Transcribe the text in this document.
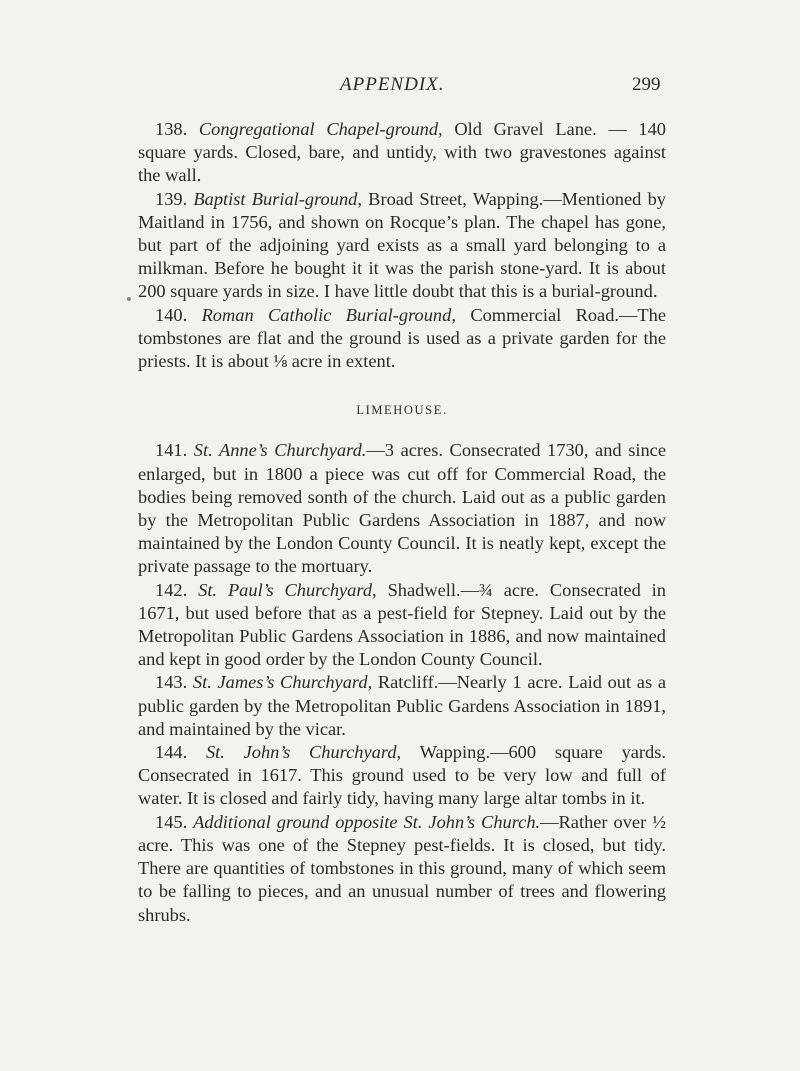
APPENDIX.	299

138. Congregational Chapel-ground, Old Gravel Lane. — 140 square yards. Closed, bare, and untidy, with two gravestones against the wall.

139. Baptist Burial-ground, Broad Street, Wapping.—Mentioned by Maitland in 1756, and shown on Rocque’s plan. The chapel has gone, but part of the adjoining yard exists as a small yard belonging to a milkman. Before he bought it it was the parish stone-yard. It is about 200 square yards in size. I have little doubt that this is a burial-ground.

140. Roman Catholic Burial-ground, Commercial Road.—The tombstones are flat and the ground is used as a private garden for the priests. It is about ⅛ acre in extent.

LIMEHOUSE.

141. St. Anne’s Churchyard.—3 acres. Consecrated 1730, and since enlarged, but in 1800 a piece was cut off for Commercial Road, the bodies being removed sonth of the church. Laid out as a public garden by the Metropolitan Public Gardens Association in 1887, and now maintained by the London County Council. It is neatly kept, except the private passage to the mortuary.

142. St. Paul’s Churchyard, Shadwell.—¾ acre. Consecrated in 1671, but used before that as a pest-field for Stepney. Laid out by the Metropolitan Public Gardens Association in 1886, and now maintained and kept in good order by the London County Council.

143. St. James’s Churchyard, Ratcliff.—Nearly 1 acre. Laid out as a public garden by the Metropolitan Public Gardens Association in 1891, and maintained by the vicar.

144. St. John’s Churchyard, Wapping.—600 square yards. Consecrated in 1617. This ground used to be very low and full of water. It is closed and fairly tidy, having many large altar tombs in it.

145. Additional ground opposite St. John’s Church.—Rather over ½ acre. This was one of the Stepney pest-fields. It is closed, but tidy. There are quantities of tombstones in this ground, many of which seem to be falling to pieces, and an unusual number of trees and flowering shrubs.
